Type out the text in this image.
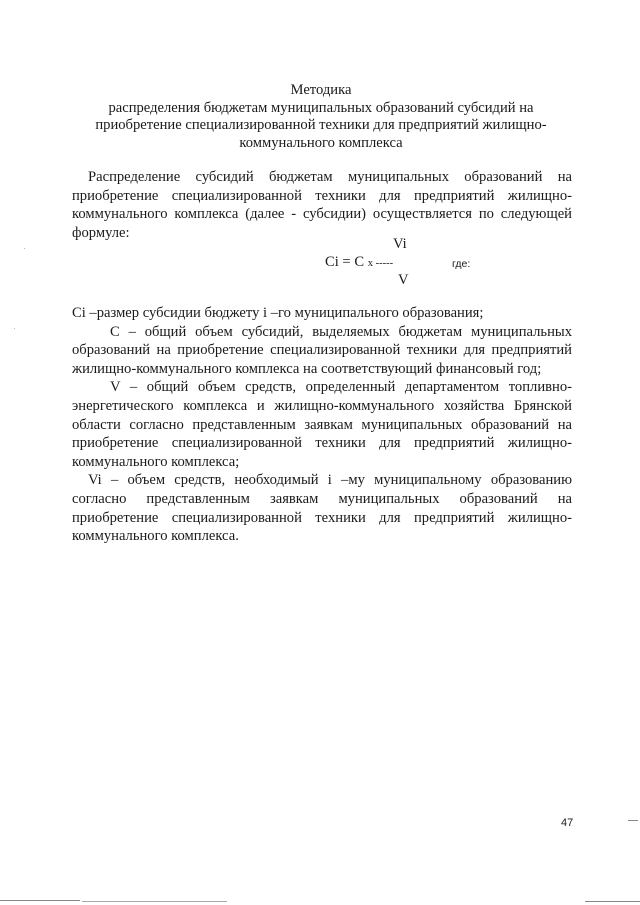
Методика
распределения бюджетам муниципальных образований субсидий на
приобретение специализированной техники для предприятий жилищно-
коммунального комплекса
Распределение субсидий бюджетам муниципальных образований на
приобретение специализированной техники для предприятий жилищно-
коммунального комплекса (далее - субсидии) осуществляется по следующей
формуле:
Vi
Ci = С х -----
V
где:
Ci –размер субсидии бюджету i –го муниципального образования;
С – общий объем субсидий, выделяемых бюджетам муниципальных
образований на приобретение специализированной техники для предприятий
жилищно-коммунального комплекса на соответствующий финансовый год;
V – общий объем средств, определенный департаментом топливно-
энергетического комплекса и жилищно-коммунального хозяйства Брянской
области согласно представленным заявкам муниципальных образований на
приобретение специализированной техники для предприятий жилищно-
коммунального комплекса;
Vi – объем средств, необходимый i –му муниципальному образованию
согласно представленным заявкам муниципальных образований на
приобретение специализированной техники для предприятий жилищно-
коммунального комплекса.
47
